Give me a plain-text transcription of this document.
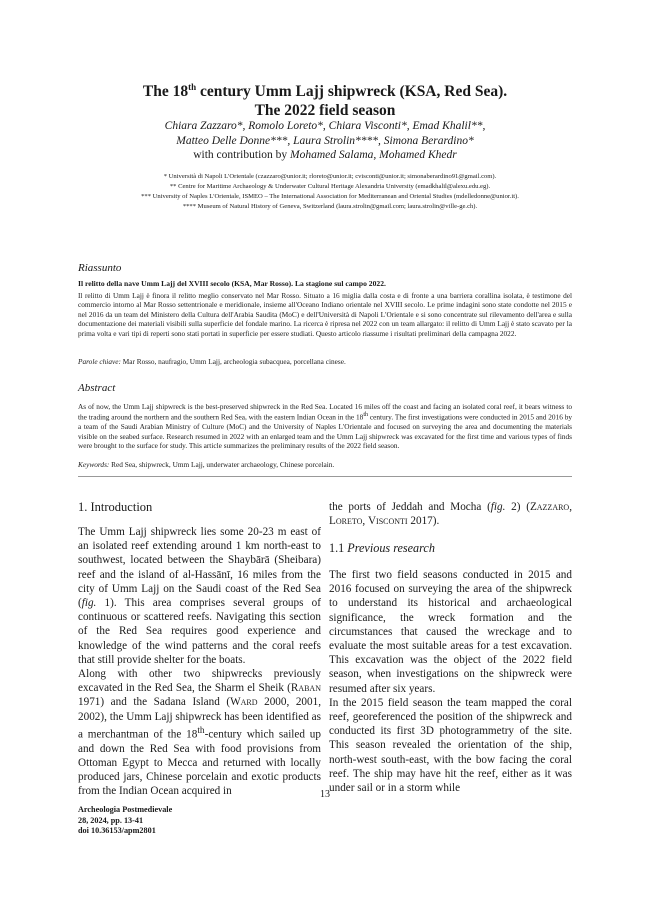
The 18th century Umm Lajj shipwreck (KSA, Red Sea).
The 2022 field season
Chiara Zazzaro*, Romolo Loreto*, Chiara Visconti*, Emad Khalil**,
Matteo Delle Donne***, Laura Strolin****, Simona Berardino*
with contribution by Mohamed Salama, Mohamed Khedr
* Università di Napoli L'Orientale (czazzaro@unior.it; rloreto@unior.it; cvisconti@unior.it; simonaberardino91@gmail.com).
** Centre for Maritime Archaeology & Underwater Cultural Heritage Alexandria University (emadkhalil@alexu.edu.eg).
*** University of Naples L'Orientale, ISMEO – The International Association for Mediterranean and Oriental Studies (mdelledonne@unior.it).
**** Museum of Natural History of Geneva, Switzerland (laura.strolin@gmail.com; laura.strolin@ville-ge.ch).
Riassunto
Il relitto della nave Umm Lajj del XVIII secolo (KSA, Mar Rosso). La stagione sul campo 2022.
Il relitto di Umm Lajj è finora il relitto meglio conservato nel Mar Rosso. Situato a 16 miglia dalla costa e di fronte a una barriera corallina isolata, è testimone del commercio intorno al Mar Rosso settentrionale e meridionale, insieme all'Oceano Indiano orientale nel XVIII secolo. Le prime indagini sono state condotte nel 2015 e nel 2016 da un team del Ministero della Cultura dell'Arabia Saudita (MoC) e dell'Università di Napoli L'Orientale e si sono concentrate sul rilevamento dell'area e sulla documentazione dei materiali visibili sulla superficie del fondale marino. La ricerca è ripresa nel 2022 con un team allargato: il relitto di Umm Lajj è stato scavato per la prima volta e vari tipi di reperti sono stati portati in superficie per essere studiati. Questo articolo riassume i risultati preliminari della campagna 2022.
Parole chiave: Mar Rosso, naufragio, Umm Lajj, archeologia subacquea, porcellana cinese.
Abstract
As of now, the Umm Lajj shipwreck is the best-preserved shipwreck in the Red Sea. Located 16 miles off the coast and facing an isolated coral reef, it bears witness to the trading around the northern and the southern Red Sea, with the eastern Indian Ocean in the 18th century. The first investigations were conducted in 2015 and 2016 by a team of the Saudi Arabian Ministry of Culture (MoC) and the University of Naples L'Orientale and focused on surveying the area and documenting the materials visible on the seabed surface. Research resumed in 2022 with an enlarged team and the Umm Lajj shipwreck was excavated for the first time and various types of finds were brought to the surface for study. This article summarizes the preliminary results of the 2022 field season.
Keywords: Red Sea, shipwreck, Umm Lajj, underwater archaeology, Chinese porcelain.
1. Introduction
The Umm Lajj shipwreck lies some 20-23 m east of an isolated reef extending around 1 km north-east to southwest, located between the Shaybārā (Sheibara) reef and the island of al-Hassānī, 16 miles from the city of Umm Lajj on the Saudi coast of the Red Sea (fig. 1). This area comprises several groups of continuous or scattered reefs. Navigating this section of the Red Sea requires good experience and knowledge of the wind patterns and the coral reefs that still provide shelter for the boats.
Along with other two shipwrecks previously excavated in the Red Sea, the Sharm el Sheik (Raban 1971) and the Sadana Island (Ward 2000, 2001, 2002), the Umm Lajj shipwreck has been identified as a merchantman of the 18th-century which sailed up and down the Red Sea with food provisions from Ottoman Egypt to Mecca and returned with locally produced jars, Chinese porcelain and exotic products from the Indian Ocean acquired in
the ports of Jeddah and Mocha (fig. 2) (Zazzaro, Loreto, Visconti 2017).
1.1 Previous research
The first two field seasons conducted in 2015 and 2016 focused on surveying the area of the shipwreck to understand its historical and archaeological significance, the wreck formation and the circumstances that caused the wreckage and to evaluate the most suitable areas for a test excavation. This excavation was the object of the 2022 field season, when investigations on the shipwreck were resumed after six years.
In the 2015 field season the team mapped the coral reef, georeferenced the position of the shipwreck and conducted its first 3D photogrammetry of the site. This season revealed the orientation of the ship, north-west south-east, with the bow facing the coral reef. The ship may have hit the reef, either as it was under sail or in a storm while
13
Archeologia Postmedievale
28, 2024, pp. 13-41
doi 10.36153/apm2801
